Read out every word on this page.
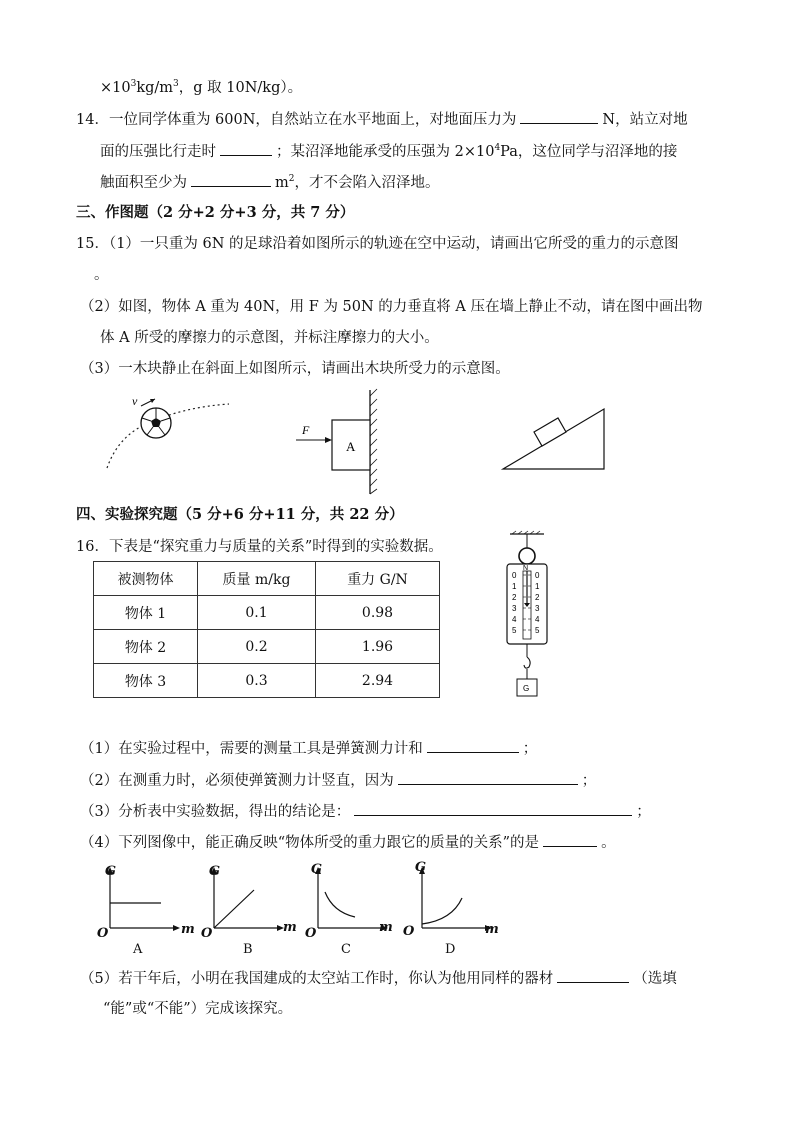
$\times 10^3kg/m^3$，g 取 10N/kg）。
14．一位同学体重为 600N，自然站立在水平地面上，对地面压力为	N，站立对地
面的压强比行走时	；某沼泽地能承受的压强为 $2\times 10^4Pa$，这位同学与沼泽地的接
触面积至少为	$m^2$，才不会陷入沼泽地。
三、作图题（2 分+2 分+3 分，共 7 分）
15．（1）一只重为 6N 的足球沿着如图所示的轨迹在空中运动，请画出它所受的重力的示意图
。
（2）如图，物体 A 重为 40N，用 F 为 50N 的力垂直将 A 压在墙上静止不动，请在图中画出物
体 A 所受的摩擦力的示意图，并标注摩擦力的大小。
（3）一木块静止在斜面上如图所示，请画出木块所受力的示意图。
v
A
F
四、实验探究题（5 分+6 分+11 分，共 22 分）
16．下表是“探究重力与质量的关系”时得到的实验数据。
被测物体	质量 m/kg	重力 G/N
物体 1	0.1	0.98
物体 2	0.2	1.96
物体 3	0.3	2.94
N
0 0
1 1
2 2
3 3
4 4
5 5
G
（1）在实验过程中，需要的测量工具是弹簧测力计和	；
（2）在测重力时，必须使弹簧测力计竖直，因为	；
（3）分析表中实验数据，得出的结论是：	；
（4）下列图像中，能正确反映“物体所受的重力跟它的质量的关系”的是	。
G
m
O
A
G
m
O
B
G
m
O
C
G
m
O
D
（5）若干年后，小明在我国建成的太空站工作时，你认为他用同样的器材	（选填
“能”或“不能”）完成该探究。
